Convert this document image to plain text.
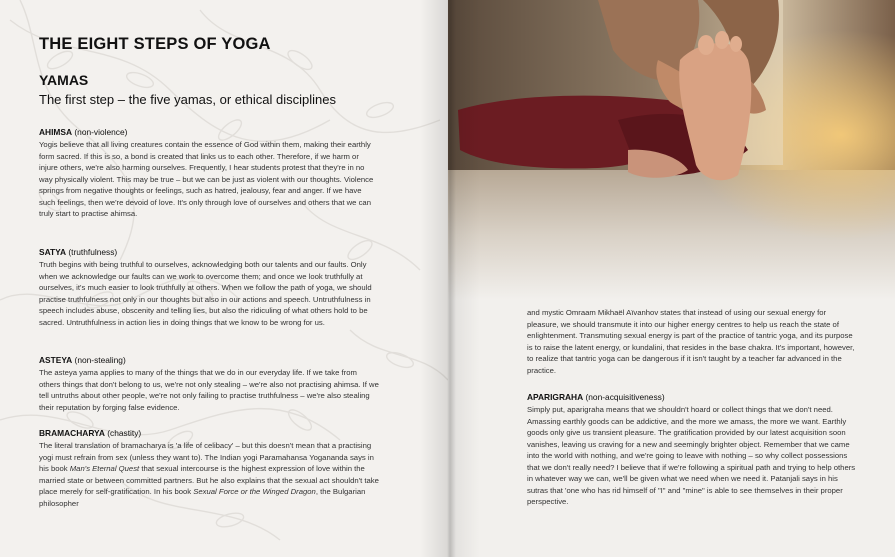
THE EIGHT STEPS OF YOGA
YAMAS
The first step – the five yamas, or ethical disciplines

AHIMSA (non-violence)

Yogis believe that all living creatures contain the essence of God within them, making their earthly form sacred. If this is so, a bond is created that links us to each other. Therefore, if we harm or injure others, we're also harming ourselves. Frequently, I hear students protest that they're in no way physically violent. This may be true – but we can be just as violent with our thoughts. Violence springs from negative thoughts or feelings, such as hatred, jealousy, fear and anger. If we have such feelings, then we're devoid of love. It's only through love of ourselves and others that we can truly start to practise ahimsa.

SATYA (truthfulness)

Truth begins with being truthful to ourselves, acknowledging both our talents and our faults. Only when we acknowledge our faults can we work to overcome them; and once we look truthfully at ourselves, it's much easier to look truthfully at others. When we follow the path of yoga, we should practise truthfulness not only in our thoughts but also in our actions and speech. Untruthfulness in speech includes abuse, obscenity and telling lies, but also the ridiculing of what others hold to be sacred. Untruthfulness in action lies in doing things that we know to be wrong for us.

ASTEYA (non-stealing)

The asteya yama applies to many of the things that we do in our everyday life. If we take from others things that don't belong to us, we're not only stealing – we're also not practising ahimsa. If we tell untruths about other people, we're not only failing to practise truthfulness – we're also stealing their reputation by forging false evidence.

BRAMACHARYA (chastity)

The literal translation of bramacharya is 'a life of celibacy' – but this doesn't mean that a practising yogi must refrain from sex (unless they want to). The Indian yogi Paramahansa Yogananda says in his book Man's Eternal Quest that sexual intercourse is the highest expression of love within the married state or between committed partners. But he also explains that the sexual act shouldn't take place merely for self-gratification. In his book Sexual Force or the Winged Dragon, the Bulgarian philosopher

and mystic Omraam Mikhaël Aïvanhov states that instead of using our sexual energy for pleasure, we should transmute it into our higher energy centres to help us reach the state of enlightenment. Transmuting sexual energy is part of the practice of tantric yoga, and its purpose is to raise the latent energy, or kundalini, that resides in the base chakra. It's important, however, to realize that tantric yoga can be dangerous if it isn't taught by a teacher far advanced in the practice.

APARIGRAHA (non-acquisitiveness)

Simply put, aparigraha means that we shouldn't hoard or collect things that we don't need. Amassing earthly goods can be addictive, and the more we amass, the more we want. Earthly goods only give us transient pleasure. The gratification provided by our latest acquisition soon vanishes, leaving us craving for a new and seemingly brighter object. Remember that we came into the world with nothing, and we're going to leave with nothing – so why collect possessions that we don't really need? I believe that if we're following a spiritual path and trying to help others in whatever way we can, we'll be given what we need when we need it. Patanjali says in his sutras that 'one who has rid himself of "I" and "mine" is able to see themselves in their proper perspective.
